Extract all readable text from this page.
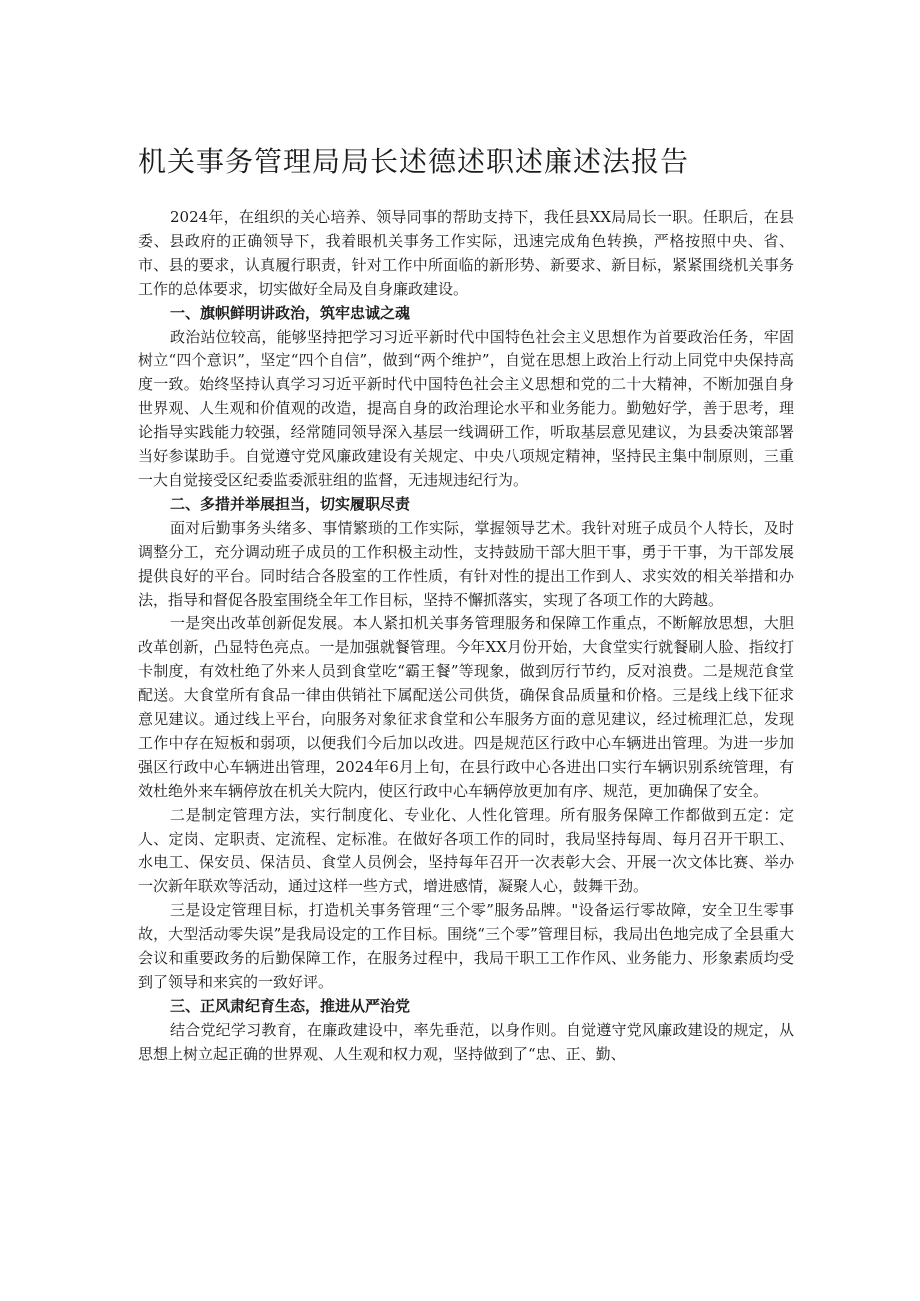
机关事务管理局局长述德述职述廉述法报告

2024年，在组织的关心培养、领导同事的帮助支持下，我任县XX局局长一职。任职后，在县委、县政府的正确领导下，我着眼机关事务工作实际，迅速完成角色转换，严格按照中央、省、市、县的要求，认真履行职责，针对工作中所面临的新形势、新要求、新目标，紧紧围绕机关事务工作的总体要求，切实做好全局及自身廉政建设。

一、旗帜鲜明讲政治，筑牢忠诚之魂

政治站位较高，能够坚持把学习习近平新时代中国特色社会主义思想作为首要政治任务，牢固树立“四个意识”，坚定“四个自信”，做到“两个维护”，自觉在思想上政治上行动上同党中央保持高度一致。始终坚持认真学习习近平新时代中国特色社会主义思想和党的二十大精神，不断加强自身世界观、人生观和价值观的改造，提高自身的政治理论水平和业务能力。勤勉好学，善于思考，理论指导实践能力较强，经常随同领导深入基层一线调研工作，听取基层意见建议，为县委决策部署当好参谋助手。自觉遵守党风廉政建设有关规定、中央八项规定精神，坚持民主集中制原则，三重一大自觉接受区纪委监委派驻组的监督，无违规违纪行为。

二、多措并举展担当，切实履职尽责

面对后勤事务头绪多、事情繁琐的工作实际，掌握领导艺术。我针对班子成员个人特长，及时调整分工，充分调动班子成员的工作积极主动性，支持鼓励干部大胆干事，勇于干事，为干部发展提供良好的平台。同时结合各股室的工作性质，有针对性的提出工作到人、求实效的相关举措和办法，指导和督促各股室围绕全年工作目标，坚持不懈抓落实，实现了各项工作的大跨越。

一是突出改革创新促发展。本人紧扣机关事务管理服务和保障工作重点，不断解放思想，大胆改革创新，凸显特色亮点。一是加强就餐管理。今年XX月份开始，大食堂实行就餐刷人脸、指纹打卡制度，有效杜绝了外来人员到食堂吃“霸王餐”等现象，做到厉行节约，反对浪费。二是规范食堂配送。大食堂所有食品一律由供销社下属配送公司供货，确保食品质量和价格。三是线上线下征求意见建议。通过线上平台，向服务对象征求食堂和公车服务方面的意见建议，经过梳理汇总，发现工作中存在短板和弱项，以便我们今后加以改进。四是规范区行政中心车辆进出管理。为进一步加强区行政中心车辆进出管理，2024年6月上旬，在县行政中心各进出口实行车辆识别系统管理，有效杜绝外来车辆停放在机关大院内，使区行政中心车辆停放更加有序、规范，更加确保了安全。

二是制定管理方法，实行制度化、专业化、人性化管理。所有服务保障工作都做到五定：定人、定岗、定职责、定流程、定标准。在做好各项工作的同时，我局坚持每周、每月召开干职工、水电工、保安员、保洁员、食堂人员例会，坚持每年召开一次表彰大会、开展一次文体比赛、举办一次新年联欢等活动，通过这样一些方式，增进感情，凝聚人心，鼓舞干劲。

三是设定管理目标，打造机关事务管理“三个零”服务品牌。"设备运行零故障，安全卫生零事故，大型活动零失误”是我局设定的工作目标。围绕“三个零”管理目标，我局出色地完成了全县重大会议和重要政务的后勤保障工作，在服务过程中，我局干职工工作作风、业务能力、形象素质均受到了领导和来宾的一致好评。

三、正风肃纪育生态，推进从严治党

结合党纪学习教育，在廉政建设中，率先垂范，以身作则。自觉遵守党风廉政建设的规定，从思想上树立起正确的世界观、人生观和权力观，坚持做到了“忠、正、勤、
